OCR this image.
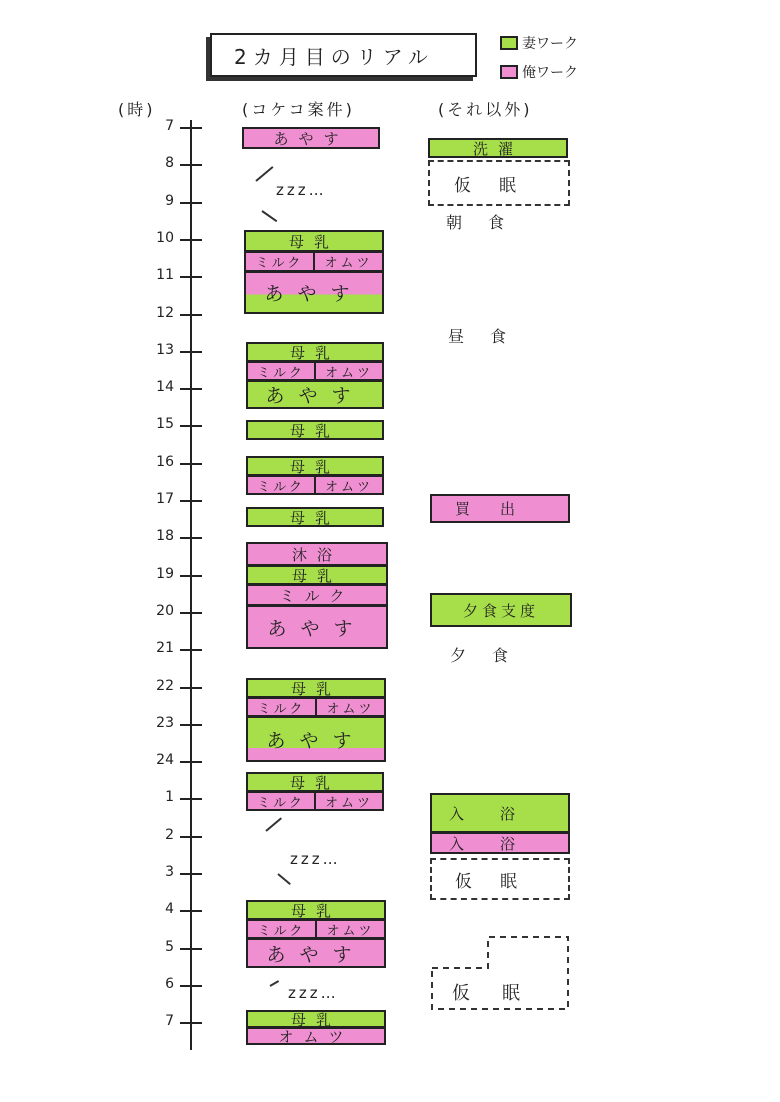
2カ月目のリアル
妻ワーク
俺ワーク
(時)	(コケコ案件)	(それ以外)
7
8
9
10
11
12
13
14
15
16
17
18
19
20
21
22
23
24
1
2
3
4
5
6
7
あやす
zzz…
母乳
ミルク	オムツ
あやす
母乳
ミルク	オムツ
あやす
母乳
母乳
ミルク	オムツ
母乳
沐浴
母乳
ミルク
あやす
母乳
ミルク	オムツ
あやす
母乳
ミルク	オムツ
zzz…
母乳
ミルク	オムツ
あやす
zzz…
母乳
オムツ
洗濯
仮眠
朝食
昼食
買出
夕食支度
夕食
入浴
入浴
仮眠
仮眠
